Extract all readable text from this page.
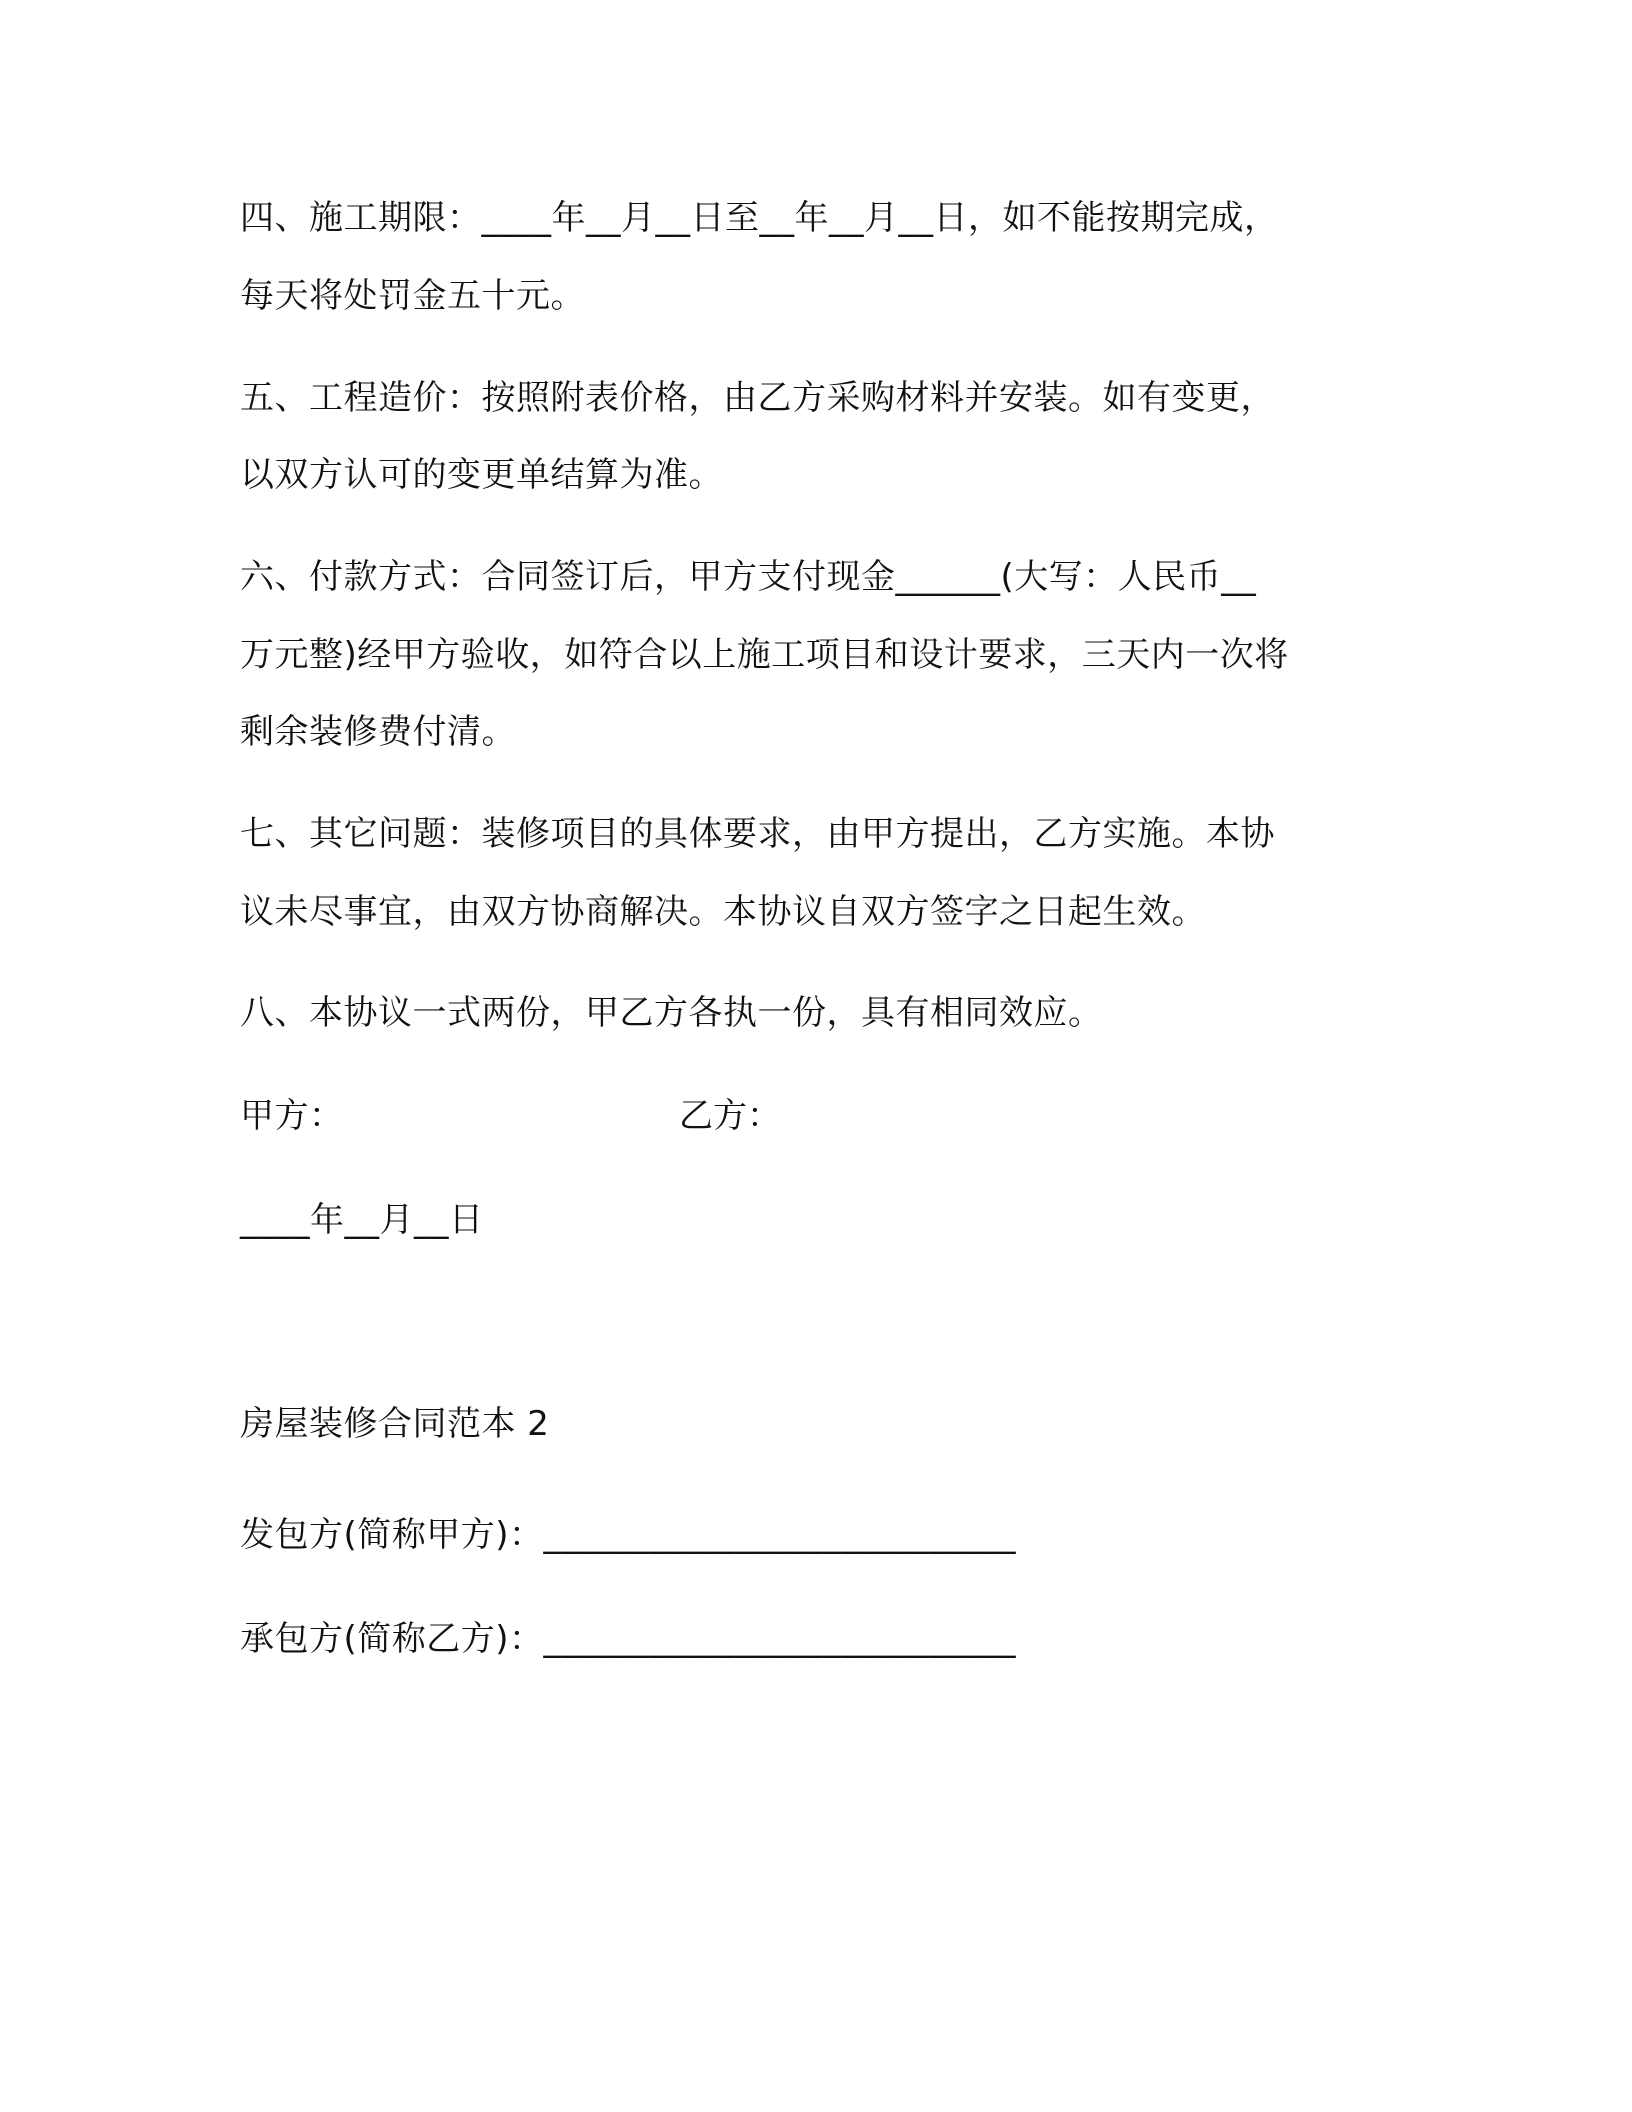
四、施工期限：____年__月__日至__年__月__日，如不能按期完成，
每天将处罚金五十元。
五、工程造价：按照附表价格，由乙方采购材料并安装。如有变更，
以双方认可的变更单结算为准。
六、付款方式：合同签订后，甲方支付现金______(大写：人民币__
万元整)经甲方验收，如符合以上施工项目和设计要求，三天内一次将
剩余装修费付清。
七、其它问题：装修项目的具体要求，由甲方提出，乙方实施。本协
议未尽事宜，由双方协商解决。本协议自双方签字之日起生效。
八、本协议一式两份，甲乙方各执一份，具有相同效应。
甲方：	乙方：
____年__月__日
房屋装修合同范本 2
发包方(简称甲方)：___________________________
承包方(简称乙方)：___________________________
